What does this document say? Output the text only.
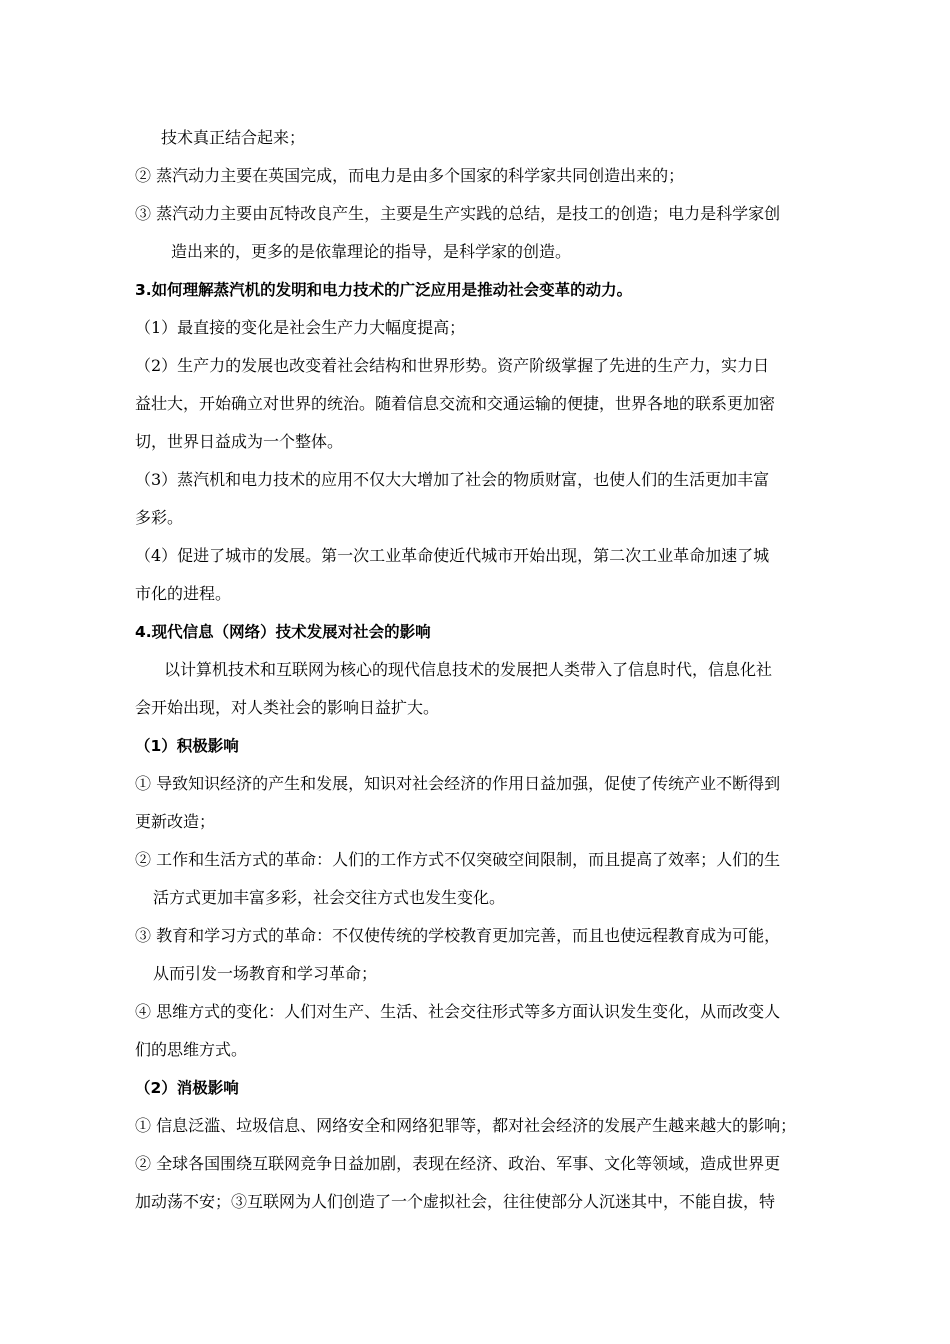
技术真正结合起来；
② 蒸汽动力主要在英国完成，而电力是由多个国家的科学家共同创造出来的；
③ 蒸汽动力主要由瓦特改良产生，主要是生产实践的总结，是技工的创造；电力是科学家创
造出来的，更多的是依靠理论的指导，是科学家的创造。
3.如何理解蒸汽机的发明和电力技术的广泛应用是推动社会变革的动力。
（1）最直接的变化是社会生产力大幅度提高；
（2）生产力的发展也改变着社会结构和世界形势。资产阶级掌握了先进的生产力，实力日
益壮大，开始确立对世界的统治。随着信息交流和交通运输的便捷，世界各地的联系更加密
切，世界日益成为一个整体。
（3）蒸汽机和电力技术的应用不仅大大增加了社会的物质财富，也使人们的生活更加丰富
多彩。
（4）促进了城市的发展。第一次工业革命使近代城市开始出现，第二次工业革命加速了城
市化的进程。
4.现代信息（网络）技术发展对社会的影响
以计算机技术和互联网为核心的现代信息技术的发展把人类带入了信息时代，信息化社
会开始出现，对人类社会的影响日益扩大。
（1）积极影响
① 导致知识经济的产生和发展，知识对社会经济的作用日益加强，促使了传统产业不断得到
更新改造；
② 工作和生活方式的革命：人们的工作方式不仅突破空间限制，而且提高了效率；人们的生
活方式更加丰富多彩，社会交往方式也发生变化。
③ 教育和学习方式的革命：不仅使传统的学校教育更加完善，而且也使远程教育成为可能，
从而引发一场教育和学习革命；
④ 思维方式的变化：人们对生产、生活、社会交往形式等多方面认识发生变化，从而改变人
们的思维方式。
（2）消极影响
① 信息泛滥、垃圾信息、网络安全和网络犯罪等，都对社会经济的发展产生越来越大的影响；
② 全球各国围绕互联网竞争日益加剧，表现在经济、政治、军事、文化等领域，造成世界更
加动荡不安；③互联网为人们创造了一个虚拟社会，往往使部分人沉迷其中，不能自拔，特
